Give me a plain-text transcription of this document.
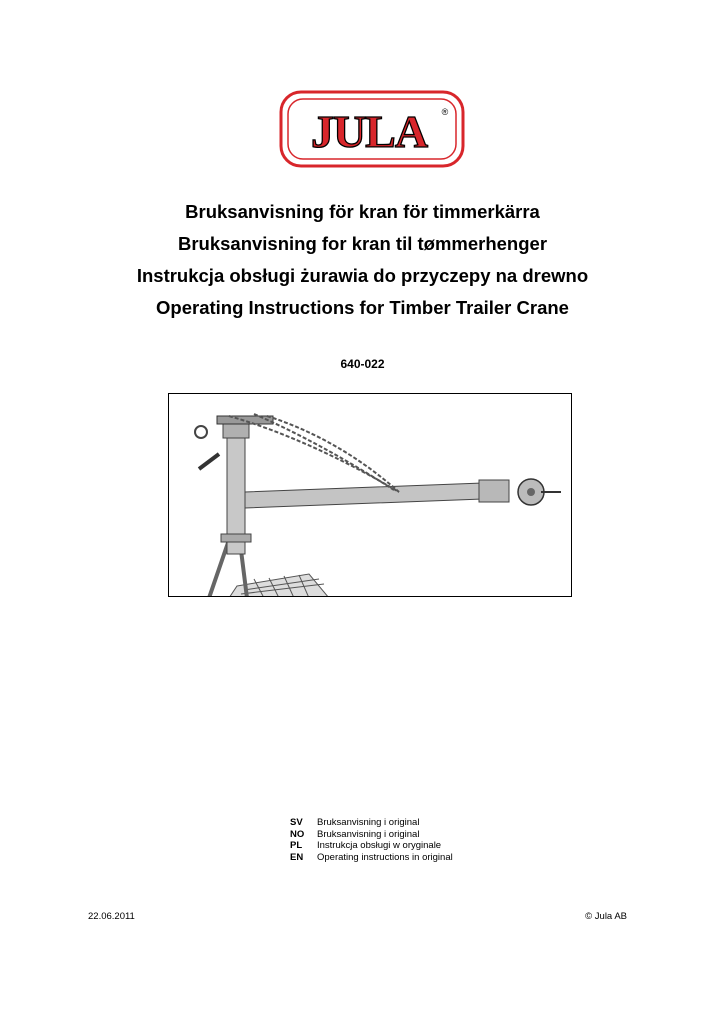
JULA ®

Bruksanvisning för kran för timmerkärra

Bruksanvisning for kran til tømmerhenger

Instrukcja obsługi żurawia do przyczepy na drewno

Operating Instructions for Timber Trailer Crane

640-022
SV	Bruksanvisning i original
NO	Bruksanvisning i original
PL	Instrukcja obsługi w oryginale
EN	Operating instructions in original
22.06.2011	© Jula AB
